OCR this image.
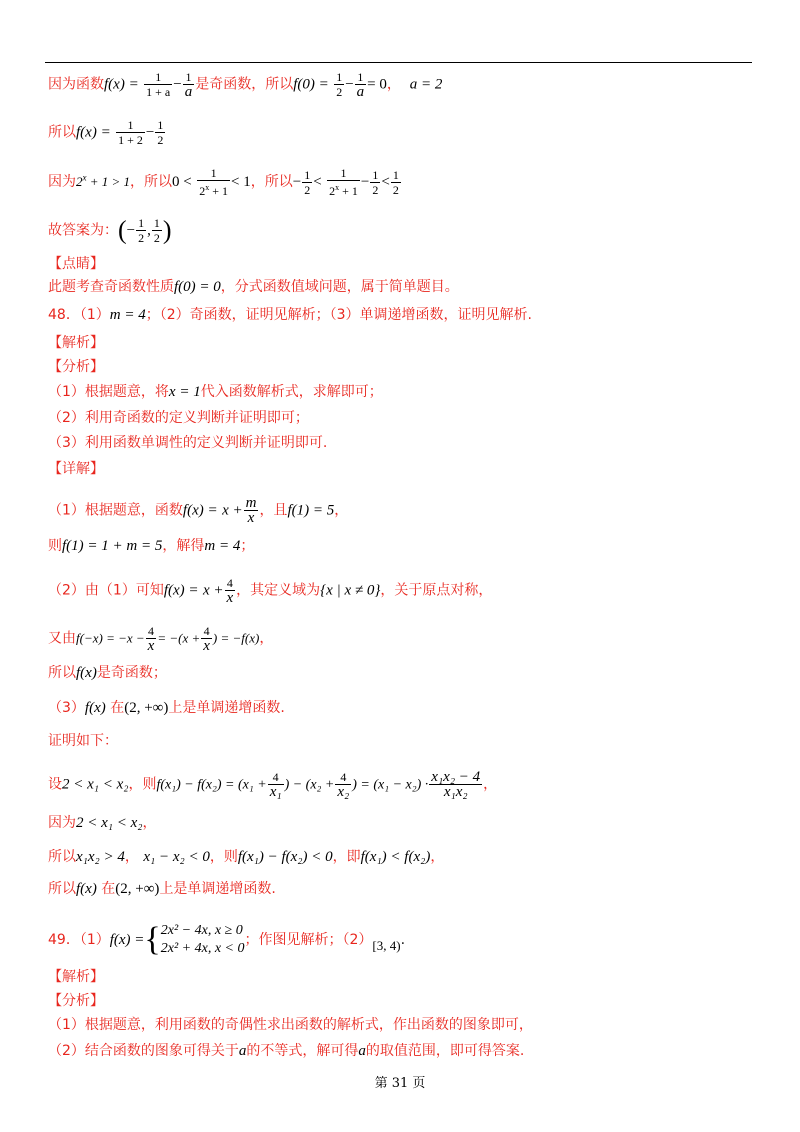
因为函数$f(x) = \frac{1}{1 + a} - \frac{1}{a}$ 是奇函数，所以$f(0) = \frac{1}{2} - \frac{1}{a} = 0$，  a = 2
所以$f(x) = \frac{1}{1 + 2} - \frac{1}{2}$
因为$2^x + 1 > 1$，所以$0 < \frac{1}{2^x + 1} < 1$，所以− $\frac{1}{2} < \frac{1}{2^x + 1} - \frac{1}{2} < \frac{1}{2}$
故答案为：(− $\frac{1}{2}$ , $\frac{1}{2}$ )
【点睛】
此题考查奇函数性质f(0) = 0，分式函数值域问题，属于简单题目。
48．（1）m = 4；（2）奇函数，证明见解析；（3）单调递增函数，证明见解析.
【解析】
【分析】
（1）根据题意，将x = 1代入函数解析式，求解即可；
（2）利用奇函数的定义判断并证明即可；
（3）利用函数单调性的定义判断并证明即可.
【详解】
（1）根据题意，函数$f(x) = x + \frac{m}{x}$ ，且f(1) = 5，
则f(1) = 1 + m = 5，解得m = 4；
（2）由（1）可知$f(x) = x + \frac{4}{x}$ ，其定义域为{x | x ≠ 0}，关于原点对称，
又由$f(-x) = -x - \frac{4}{x} = -(x + \frac{4}{x}$ ) = −f(x)，
所以f(x)是奇函数；
（3）f(x) 在(2, +∞)上是单调递增函数.
证明如下：
设2 < x₁ < x₂，则$f(x_1) - f(x_2) = (x_1 + \frac{4}{\text{x₁}}$ ) − ($x_2 + \frac{4}{\text{x₂}}$ ) = $(x_1 - x_2) \cdot \frac{\text{x₁x₂ − 4}}{\text{x₁x₂}}$ ，
因为2 < x₁ < x₂，
所以x₁x₂ > 4， x₁ − x₂ < 0，则f(x₁) − f(x₂) < 0，即f(x₁) < f(x₂)，
所以f(x) 在(2, +∞)上是单调递增函数.
49．（1）f(x) ={ 2x² − 4x, x ≥ 0
2x² + 4x, x < 0
；作图见解析；（2）[3, 4).
【解析】
【分析】
（1）根据题意，利用函数的奇偶性求出函数的解析式，作出函数的图象即可，
（2）结合函数的图象可得关于a的不等式，解可得a的取值范围，即可得答案.
第 31 页
